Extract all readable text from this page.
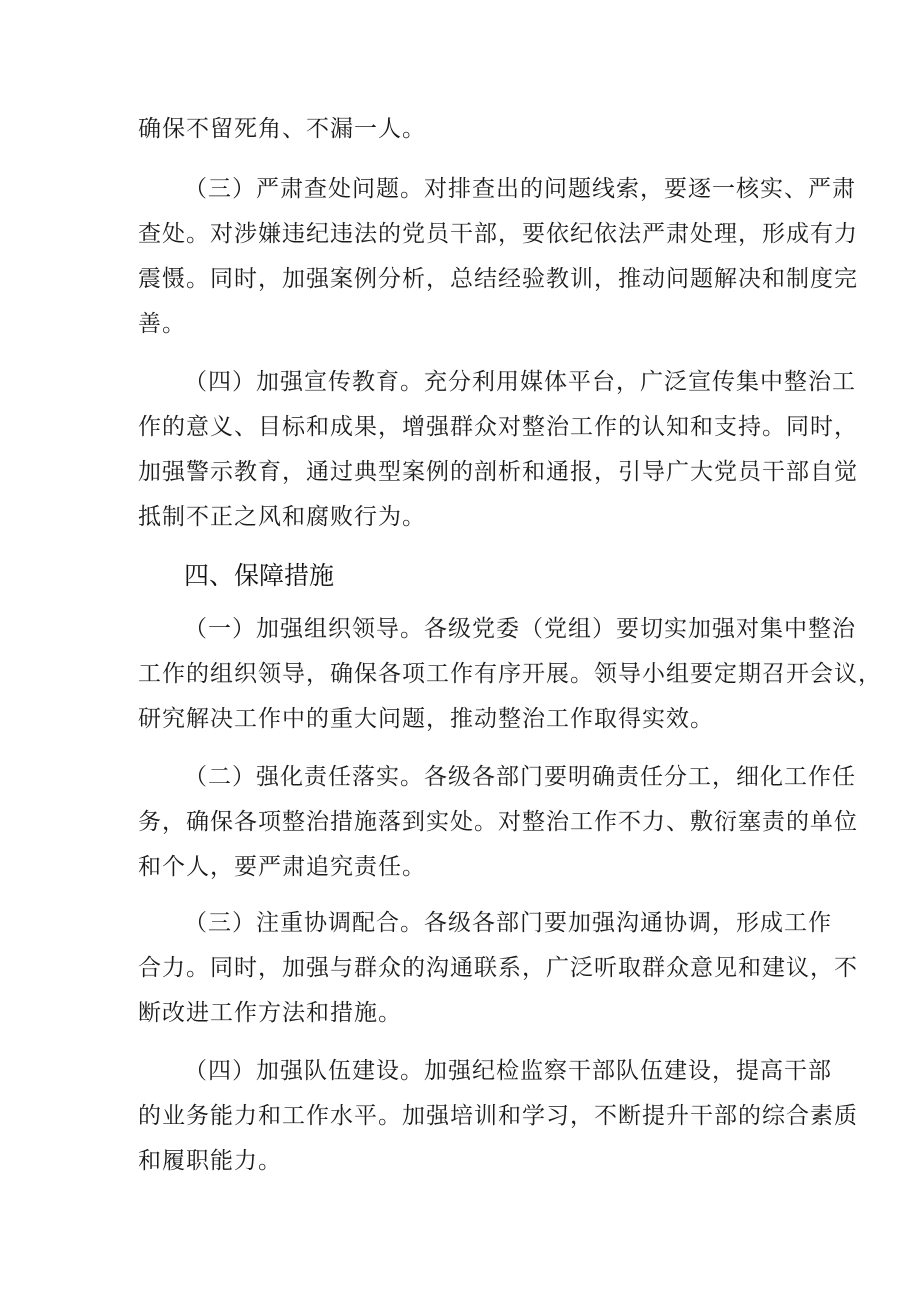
确保不留死角、不漏一人。
（三）严肃查处问题。对排查出的问题线索，要逐一核实、严肃
查处。对涉嫌违纪违法的党员干部，要依纪依法严肃处理，形成有力
震慑。同时，加强案例分析，总结经验教训，推动问题解决和制度完
善。
（四）加强宣传教育。充分利用媒体平台，广泛宣传集中整治工
作的意义、目标和成果，增强群众对整治工作的认知和支持。同时，
加强警示教育，通过典型案例的剖析和通报，引导广大党员干部自觉
抵制不正之风和腐败行为。
四、保障措施
（一）加强组织领导。各级党委（党组）要切实加强对集中整治
工作的组织领导，确保各项工作有序开展。领导小组要定期召开会议，
研究解决工作中的重大问题，推动整治工作取得实效。
（二）强化责任落实。各级各部门要明确责任分工，细化工作任
务，确保各项整治措施落到实处。对整治工作不力、敷衍塞责的单位
和个人，要严肃追究责任。
（三）注重协调配合。各级各部门要加强沟通协调，形成工作
合力。同时，加强与群众的沟通联系，广泛听取群众意见和建议，不
断改进工作方法和措施。
（四）加强队伍建设。加强纪检监察干部队伍建设，提高干部
的业务能力和工作水平。加强培训和学习，不断提升干部的综合素质
和履职能力。
